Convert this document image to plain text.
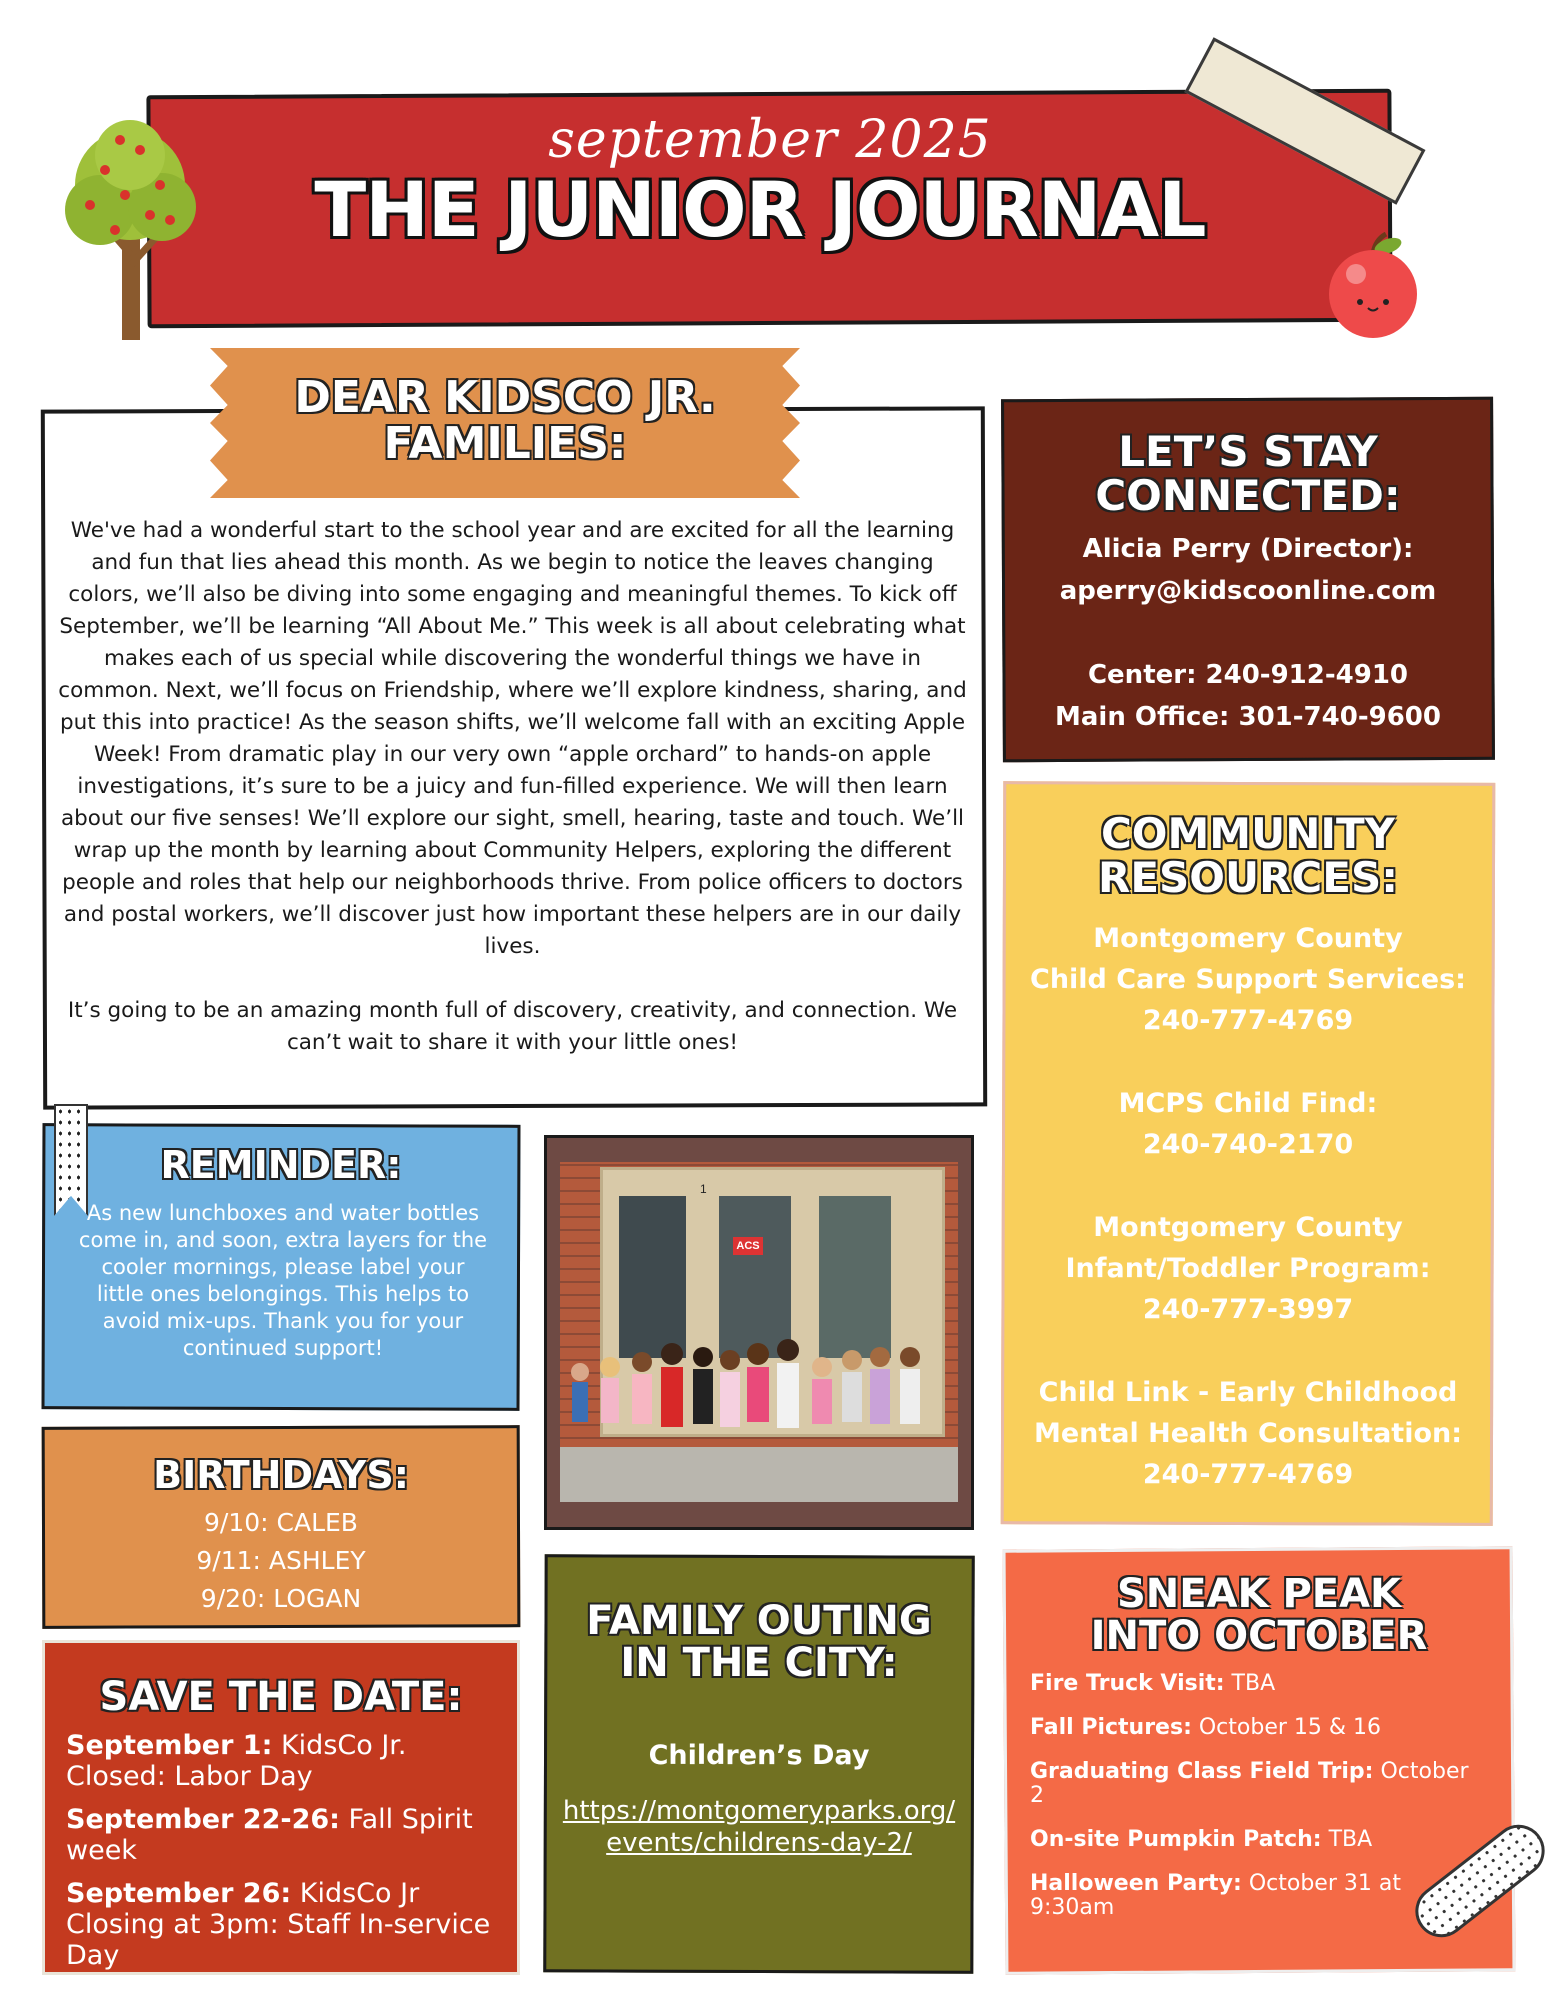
september 2025
THE JUNIOR JOURNAL
DEAR KIDSCO JR.
FAMILIES:

We've had a wonderful start to the school year and are excited for all the learning and fun that lies ahead this month. As we begin to notice the leaves changing colors, we’ll also be diving into some engaging and meaningful themes. To kick off September, we’ll be learning “All About Me.” This week is all about celebrating what makes each of us special while discovering the wonderful things we have in common. Next, we’ll focus on Friendship, where we’ll explore kindness, sharing, and put this into practice! As the season shifts, we’ll welcome fall with an exciting Apple Week! From dramatic play in our very own “apple orchard” to hands-on apple investigations, it’s sure to be a juicy and fun-filled experience. We will then learn about our five senses! We’ll explore our sight, smell, hearing, taste and touch. We’ll wrap up the month by learning about Community Helpers, exploring the different people and roles that help our neighborhoods thrive. From police officers to doctors and postal workers, we’ll discover just how important these helpers are in our daily lives.

It’s going to be an amazing month full of discovery, creativity, and connection. We can’t wait to share it with your little ones!

LET’S STAY
CONNECTED:
Alicia Perry (Director):
aperry@kidscoonline.com
Center: 240-912-4910
Main Office: 301-740-9600
COMMUNITY
RESOURCES:
Montgomery County
Child Care Support Services:
240-777-4769
MCPS Child Find:
240-740-2170
Montgomery County
Infant/Toddler Program:
240-777-3997
Child Link - Early Childhood
Mental Health Consultation:
240-777-4769
REMINDER:
As new lunchboxes and water bottles come in, and soon, extra layers for the cooler mornings, please label your little ones belongings. This helps to avoid mix-ups. Thank you for your continued support!
ACS
1
BIRTHDAYS:
9/10: CALEB
9/11: ASHLEY
9/20: LOGAN
SAVE THE DATE:
September 1: KidsCo Jr. Closed: Labor Day
September 22-26: Fall Spirit week
September 26: KidsCo Jr Closing at 3pm: Staff In-service Day
FAMILY OUTING
IN THE CITY:
Children’s Day
https://montgomeryparks.org/events/childrens-day-2/
SNEAK PEAK
INTO OCTOBER
Fire Truck Visit: TBA
Fall Pictures: October 15 & 16
Graduating Class Field Trip: October 2
On-site Pumpkin Patch: TBA
Halloween Party: October 31 at 9:30am
